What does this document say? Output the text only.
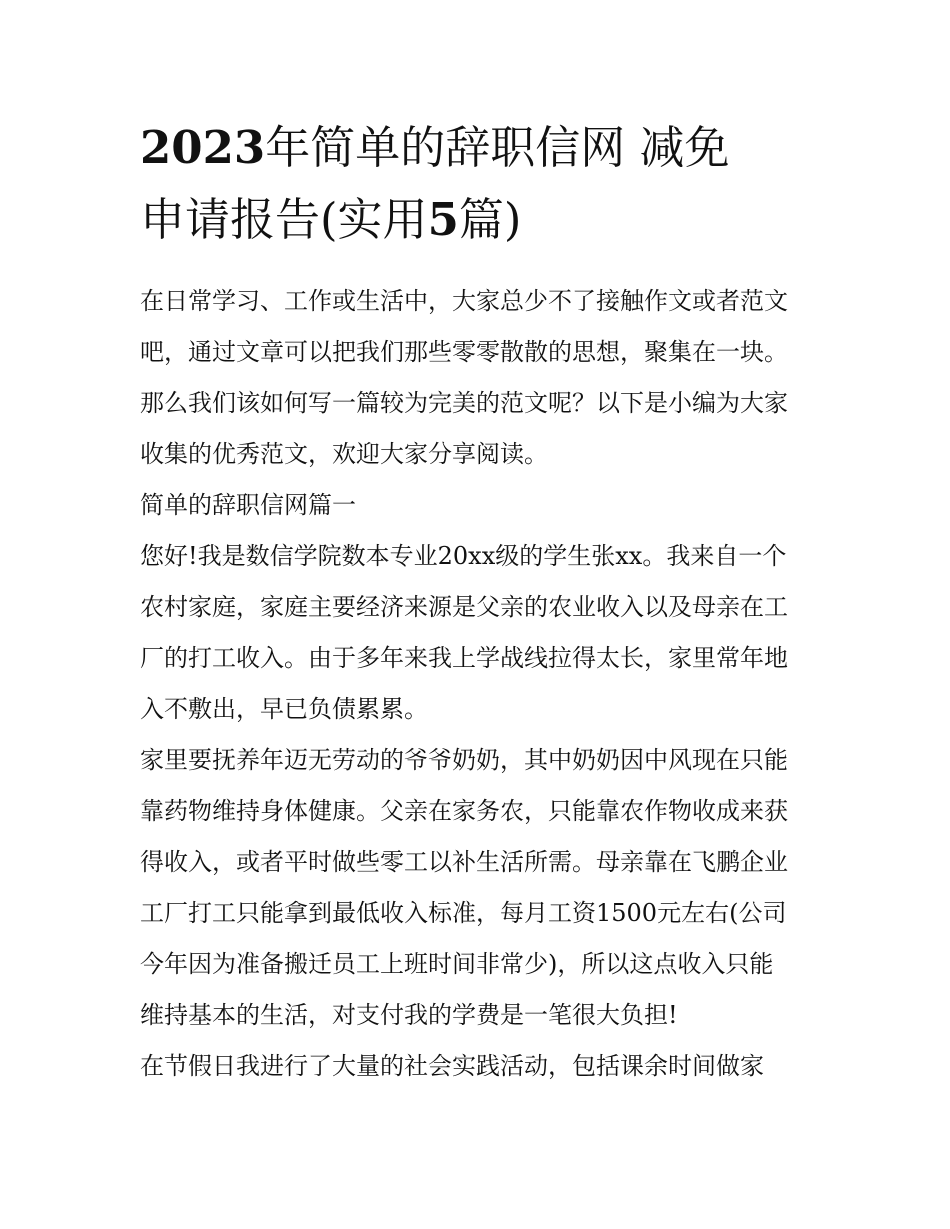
2023年简单的辞职信网 减免
申请报告(实用5篇)
在日常学习、工作或生活中，大家总少不了接触作文或者范文
吧，通过文章可以把我们那些零零散散的思想，聚集在一块。
那么我们该如何写一篇较为完美的范文呢？以下是小编为大家
收集的优秀范文，欢迎大家分享阅读。
简单的辞职信网篇一
您好!我是数信学院数本专业20xx级的学生张xx。我来自一个
农村家庭，家庭主要经济来源是父亲的农业收入以及母亲在工
厂的打工收入。由于多年来我上学战线拉得太长，家里常年地
入不敷出，早已负债累累。
家里要抚养年迈无劳动的爷爷奶奶，其中奶奶因中风现在只能
靠药物维持身体健康。父亲在家务农，只能靠农作物收成来获
得收入，或者平时做些零工以补生活所需。母亲靠在飞鹏企业
工厂打工只能拿到最低收入标准，每月工资1500元左右(公司
今年因为准备搬迁员工上班时间非常少)，所以这点收入只能
维持基本的生活，对支付我的学费是一笔很大负担!
在节假日我进行了大量的社会实践活动，包括课余时间做家
